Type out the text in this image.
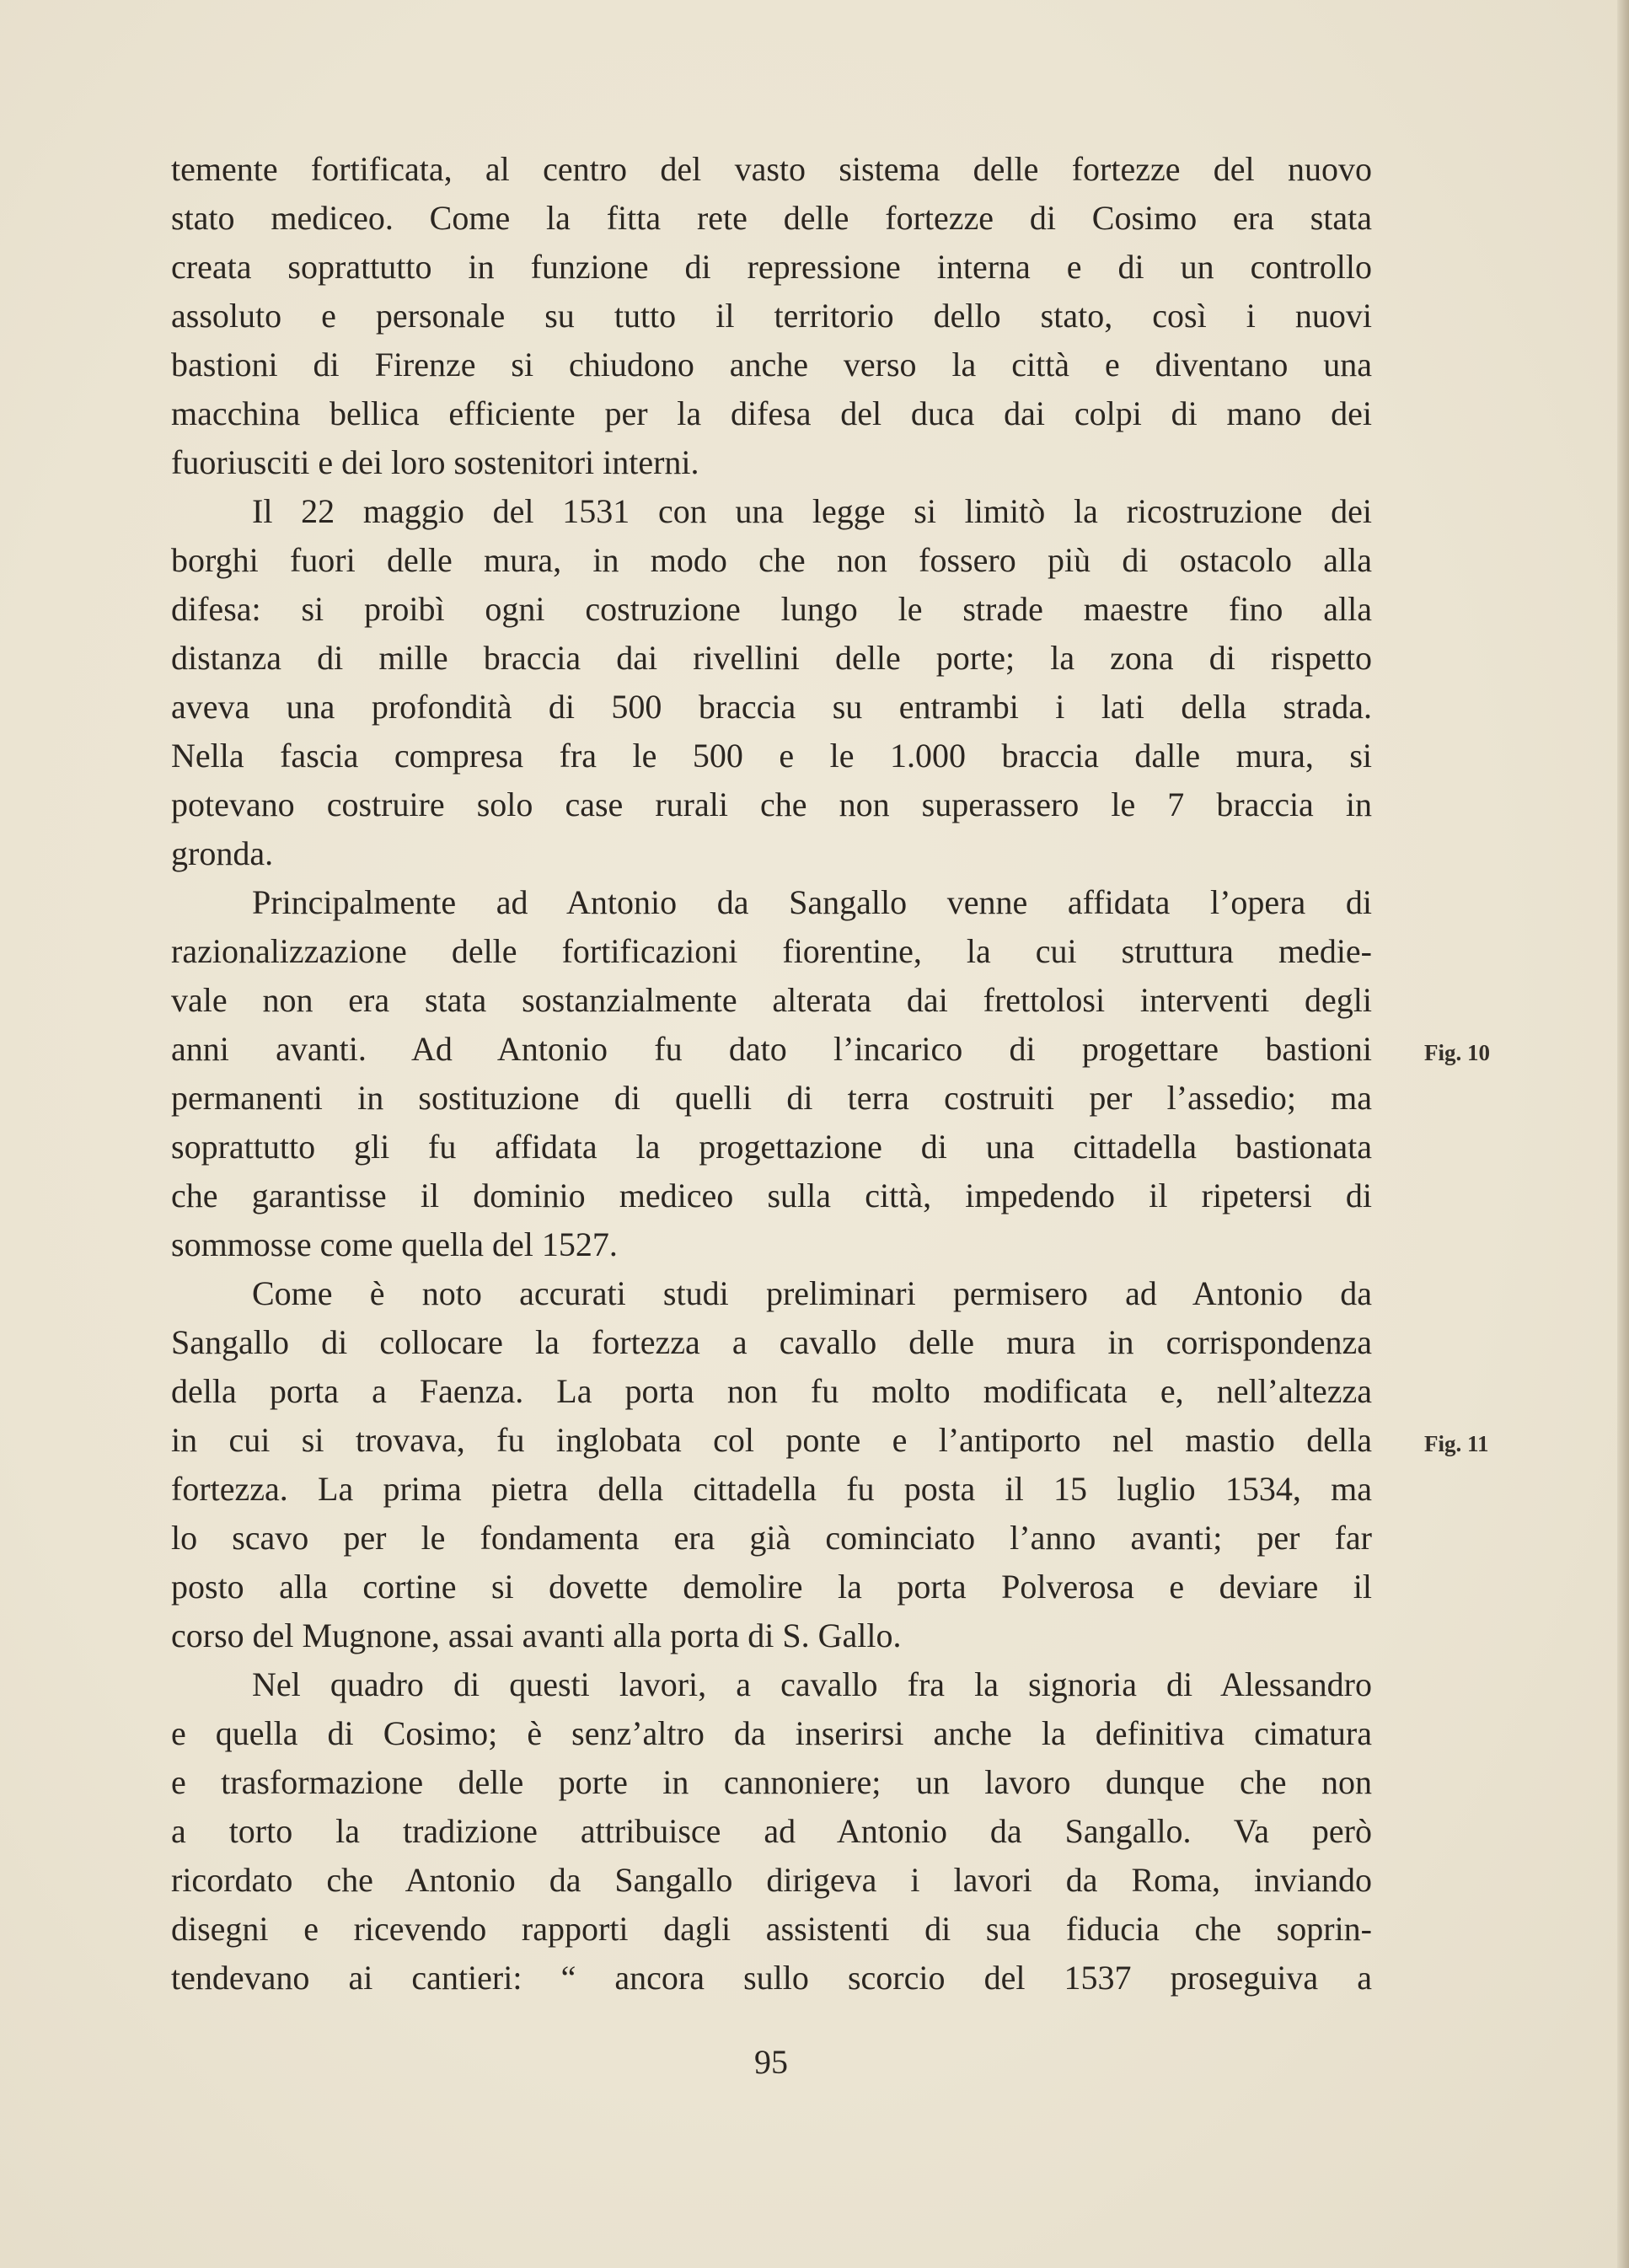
temente fortificata, al centro del vasto sistema delle fortezze del nuovo
stato mediceo. Come la fitta rete delle fortezze di Cosimo era stata
creata soprattutto in funzione di repressione interna e di un controllo
assoluto e personale su tutto il territorio dello stato, così i nuovi
bastioni di Firenze si chiudono anche verso la città e diventano una
macchina bellica efficiente per la difesa del duca dai colpi di mano dei
fuoriusciti e dei loro sostenitori interni.
Il 22 maggio del 1531 con una legge si limitò la ricostruzione dei
borghi fuori delle mura, in modo che non fossero più di ostacolo alla
difesa: si proibì ogni costruzione lungo le strade maestre fino alla
distanza di mille braccia dai rivellini delle porte; la zona di rispetto
aveva una profondità di 500 braccia su entrambi i lati della strada.
Nella fascia compresa fra le 500 e le 1.000 braccia dalle mura, si
potevano costruire solo case rurali che non superassero le 7 braccia in
gronda.
Principalmente ad Antonio da Sangallo venne affidata l’opera di
razionalizzazione delle fortificazioni fiorentine, la cui struttura medie-
vale non era stata sostanzialmente alterata dai frettolosi interventi degli
anni avanti. Ad Antonio fu dato l’incarico di progettare bastioni
permanenti in sostituzione di quelli di terra costruiti per l’assedio; ma
soprattutto gli fu affidata la progettazione di una cittadella bastionata
che garantisse il dominio mediceo sulla città, impedendo il ripetersi di
sommosse come quella del 1527.
Come è noto accurati studi preliminari permisero ad Antonio da
Sangallo di collocare la fortezza a cavallo delle mura in corrispondenza
della porta a Faenza. La porta non fu molto modificata e, nell’altezza
in cui si trovava, fu inglobata col ponte e l’antiporto nel mastio della
fortezza. La prima pietra della cittadella fu posta il 15 luglio 1534, ma
lo scavo per le fondamenta era già cominciato l’anno avanti; per far
posto alla cortine si dovette demolire la porta Polverosa e deviare il
corso del Mugnone, assai avanti alla porta di S. Gallo.
Nel quadro di questi lavori, a cavallo fra la signoria di Alessandro
e quella di Cosimo; è senz’altro da inserirsi anche la definitiva cimatura
e trasformazione delle porte in cannoniere; un lavoro dunque che non
a torto la tradizione attribuisce ad Antonio da Sangallo. Va però
ricordato che Antonio da Sangallo dirigeva i lavori da Roma, inviando
disegni e ricevendo rapporti dagli assistenti di sua fiducia che soprin-
tendevano ai cantieri: “ ancora sullo scorcio del 1537 proseguiva a
Fig. 10
Fig. 11
95
